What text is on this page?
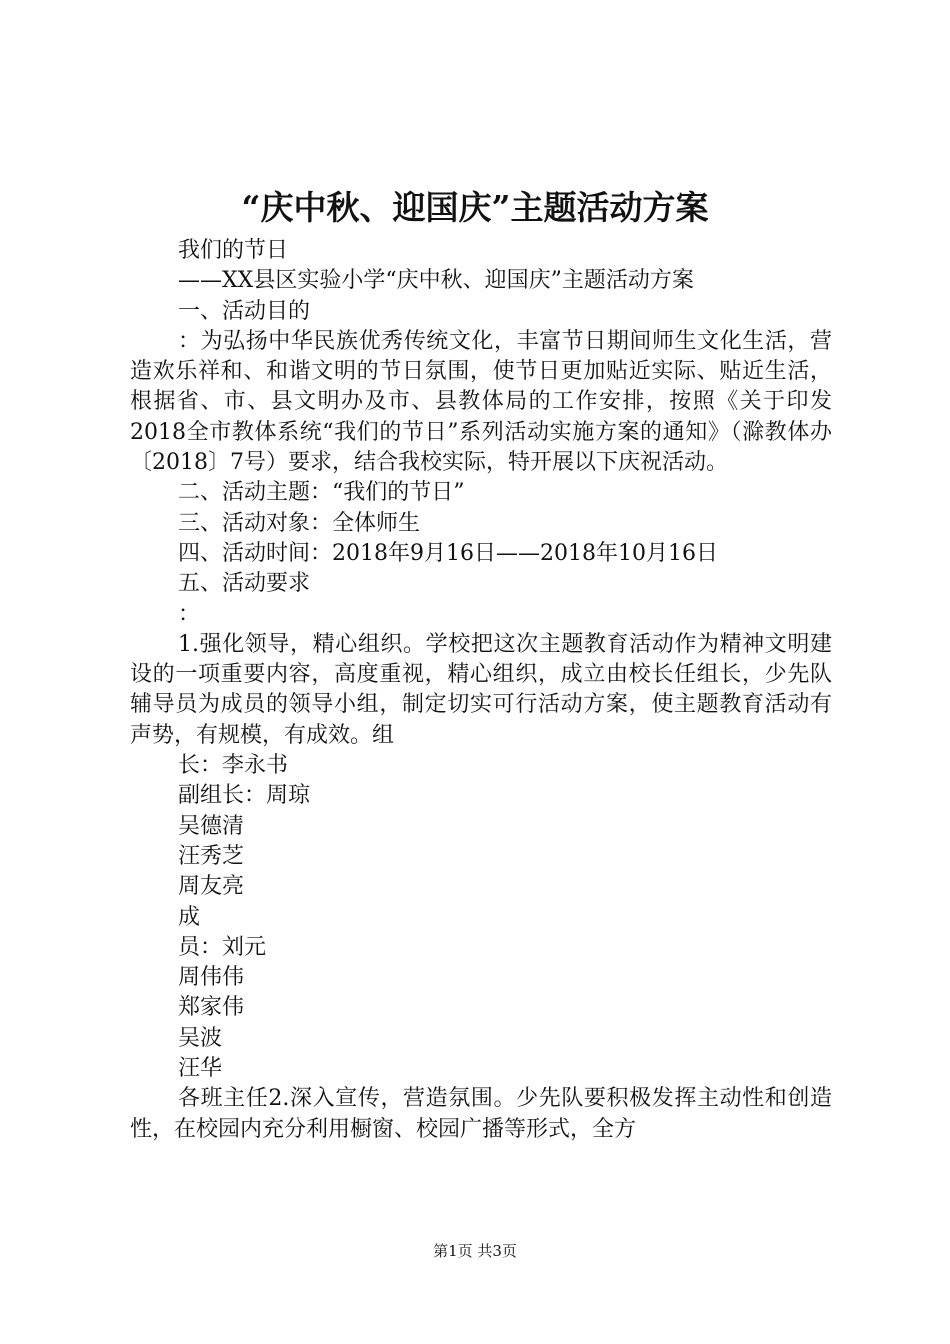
“庆中秋、迎国庆”主题活动方案

我们的节日

——XX县区实验小学“庆中秋、迎国庆”主题活动方案

一、活动目的

：为弘扬中华民族优秀传统文化，丰富节日期间师生文化生活，营造欢乐祥和、和谐文明的节日氛围，使节日更加贴近实际、贴近生活，根据省、市、县文明办及市、县教体局的工作安排，按照《关于印发2018全市教体系统“我们的节日”系列活动实施方案的通知》（滁教体办〔2018〕7号）要求，结合我校实际，特开展以下庆祝活动。

二、活动主题：“我们的节日”

三、活动对象：全体师生

四、活动时间：2018年9月16日——2018年10月16日

五、活动要求

：

1.强化领导，精心组织。学校把这次主题教育活动作为精神文明建设的一项重要内容，高度重视，精心组织，成立由校长任组长，少先队辅导员为成员的领导小组，制定切实可行活动方案，使主题教育活动有声势，有规模，有成效。组

长：李永书

副组长：周琼

吴德清

汪秀芝

周友亮

成

员：刘元

周伟伟

郑家伟

吴波

汪华

各班主任2.深入宣传，营造氛围。少先队要积极发挥主动性和创造性，在校园内充分利用橱窗、校园广播等形式，全方

第1页 共3页
